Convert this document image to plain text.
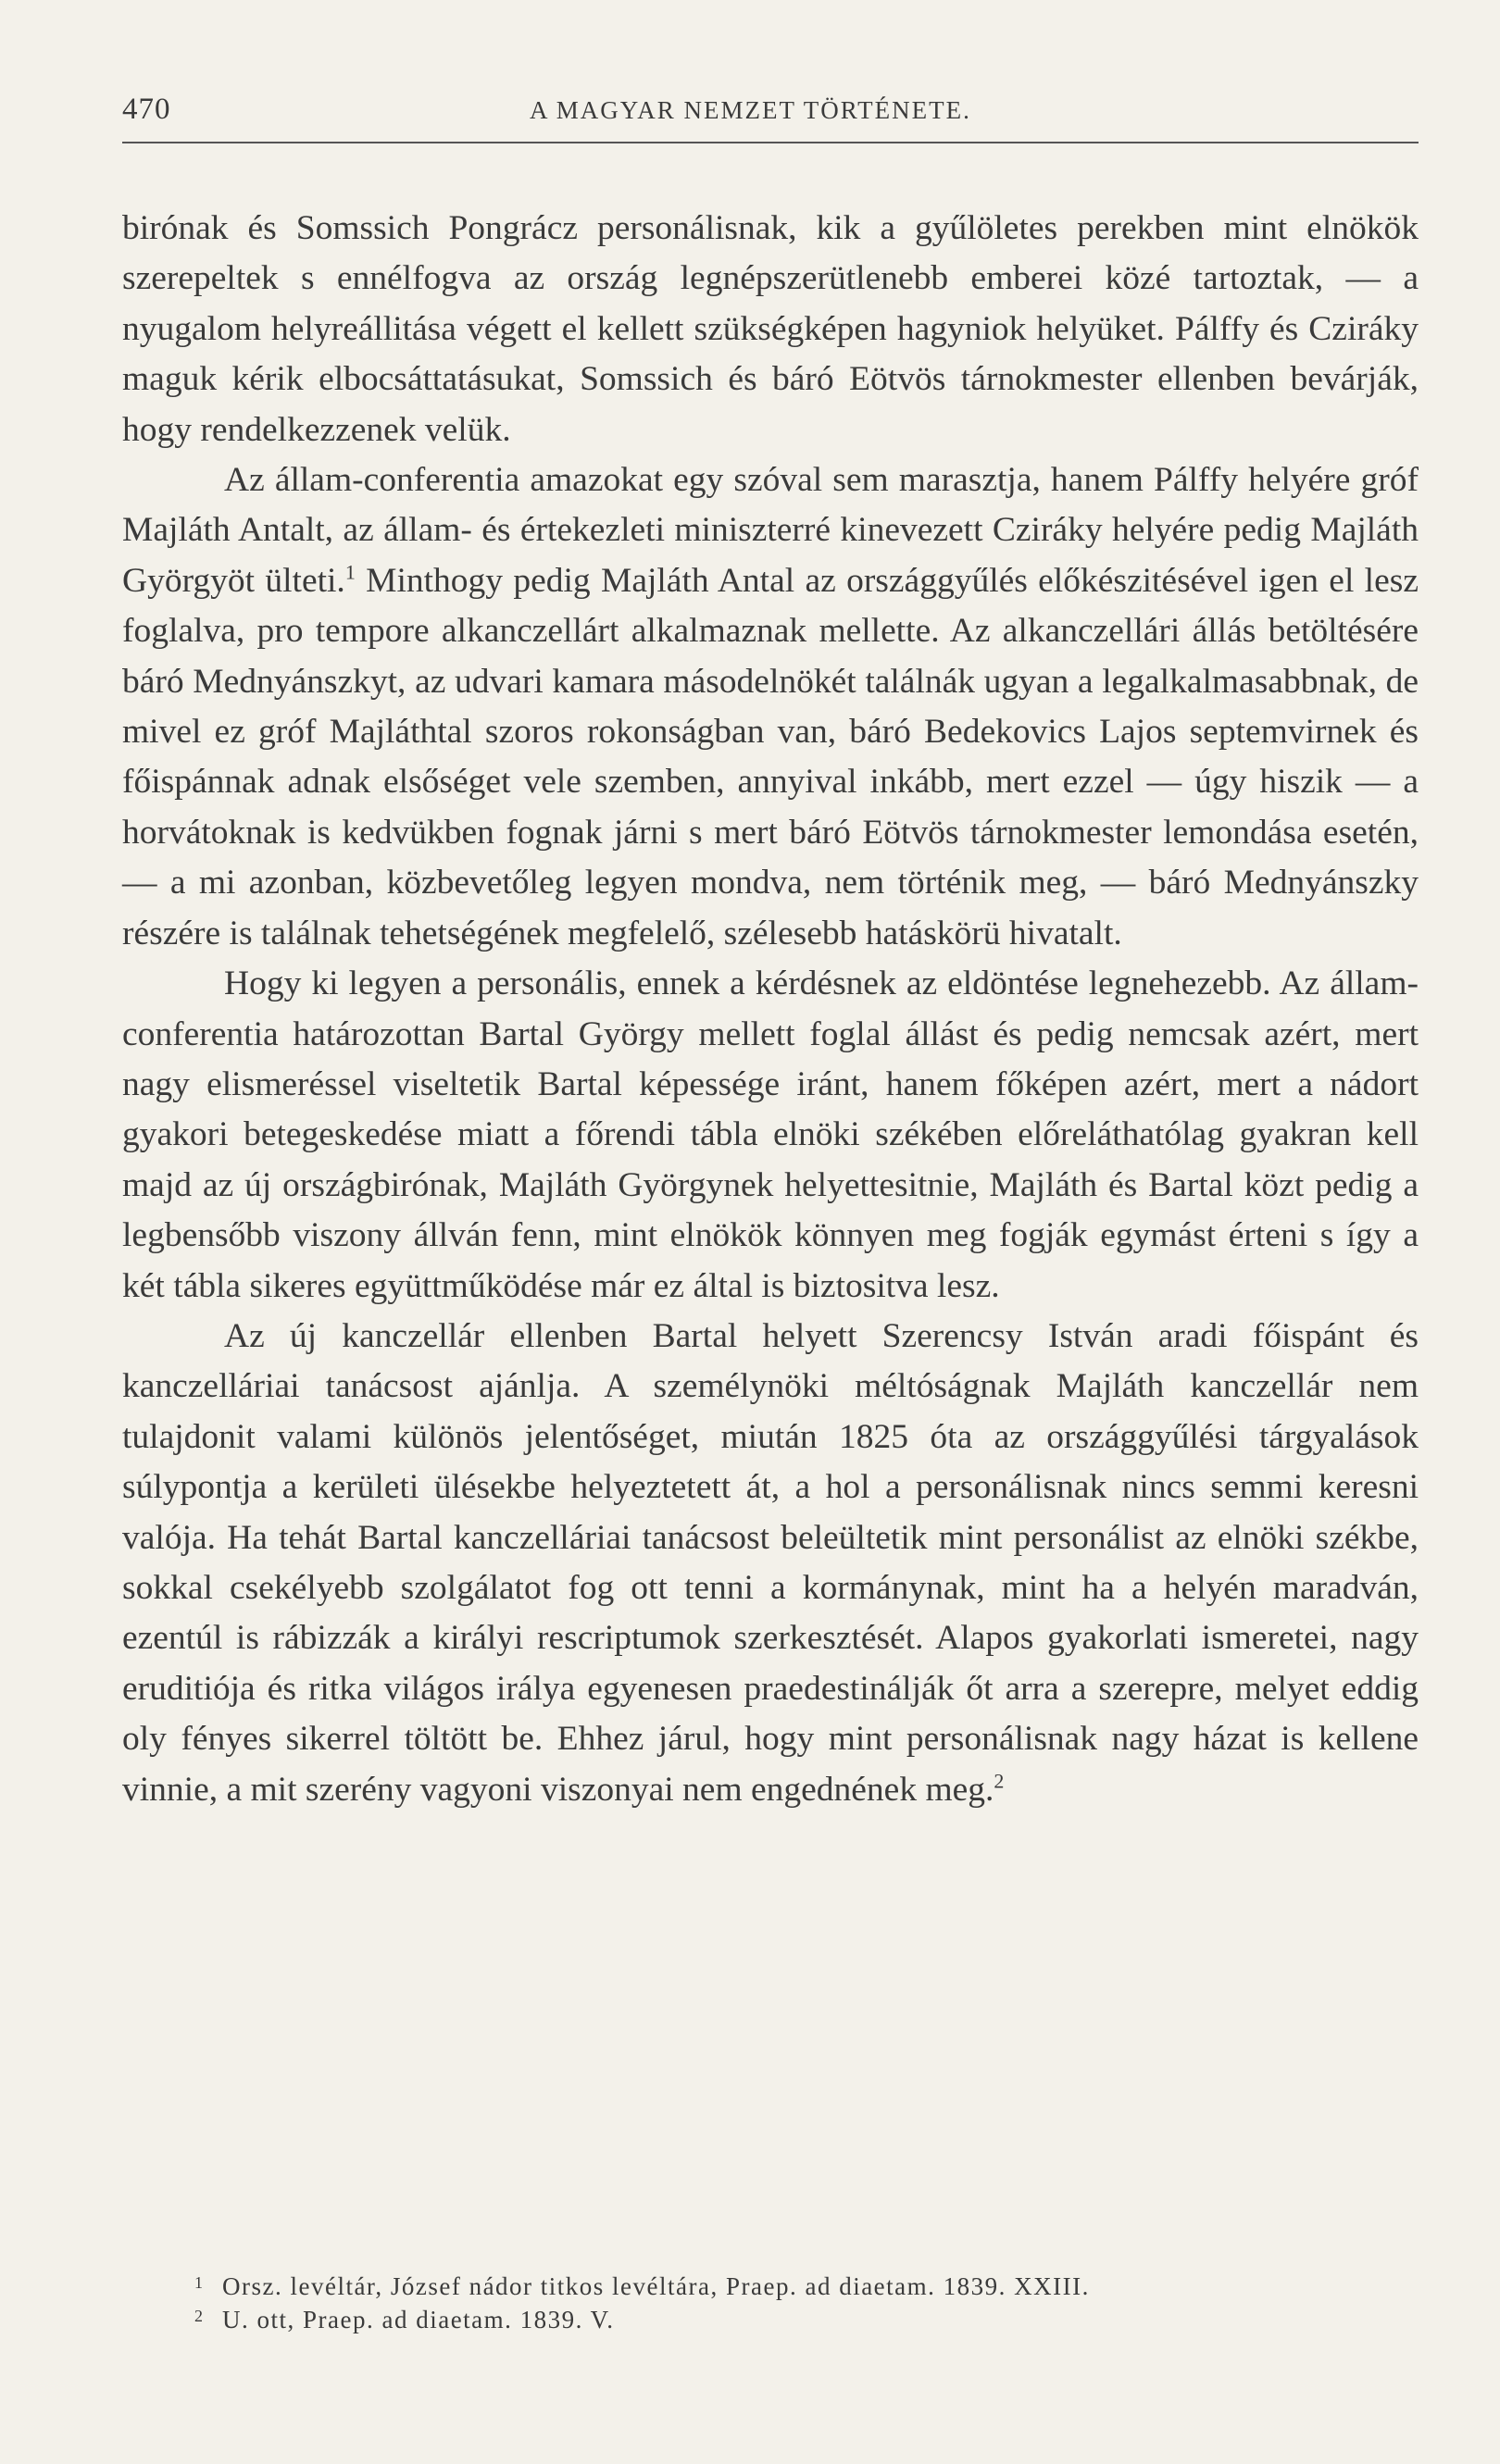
470	A MAGYAR NEMZET TÖRTÉNETE.

birónak és Somssich Pongrácz personálisnak, kik a gyűlöletes perekben mint elnökök szerepeltek s ennélfogva az ország legnépszerütlenebb emberei közé tartoztak, — a nyugalom helyreállitása végett el kellett szükségképen hagyniok helyüket. Pálffy és Cziráky maguk kérik elbocsáttatásukat, Somssich és báró Eötvös tárnokmester ellenben bevárják, hogy rendelkezzenek velük.

Az állam-conferentia amazokat egy szóval sem marasztja, hanem Pálffy helyére gróf Majláth Antalt, az állam- és értekezleti miniszterré kinevezett Cziráky helyére pedig Majláth Györgyöt ülteti.$^1$ Minthogy pedig Majláth Antal az országgyűlés előkészitésével igen el lesz foglalva, pro tempore alkanczellárt alkalmaznak mellette. Az alkanczellári állás betöltésére báró Mednyánszkyt, az udvari kamara másodelnökét találnák ugyan a legalkalmasabbnak, de mivel ez gróf Majláthtal szoros rokonságban van, báró Bedekovics Lajos septemvirnek és főispánnak adnak elsőséget vele szemben, annyival inkább, mert ezzel — úgy hiszik — a horvátoknak is kedvükben fognak járni s mert báró Eötvös tárnokmester lemondása esetén, — a mi azonban, közbevetőleg legyen mondva, nem történik meg, — báró Mednyánszky részére is találnak tehetségének megfelelő, szélesebb hatáskörü hivatalt.

Hogy ki legyen a personális, ennek a kérdésnek az eldöntése legnehezebb. Az állam-conferentia határozottan Bartal György mellett foglal állást és pedig nemcsak azért, mert nagy elismeréssel viseltetik Bartal képessége iránt, hanem főképen azért, mert a nádort gyakori betegeskedése miatt a főrendi tábla elnöki székében előreláthatólag gyakran kell majd az új országbirónak, Majláth Györgynek helyettesitnie, Majláth és Bartal közt pedig a legbensőbb viszony állván fenn, mint elnökök könnyen meg fogják egymást érteni s így a két tábla sikeres együttműködése már ez által is biztositva lesz.

Az új kanczellár ellenben Bartal helyett Szerencsy István aradi főispánt és kanczelláriai tanácsost ajánlja. A személynöki méltóságnak Majláth kanczellár nem tulajdonit valami különös jelentőséget, miután 1825 óta az országgyűlési tárgyalások súlypontja a kerületi ülésekbe helyeztetett át, a hol a personálisnak nincs semmi keresni valója. Ha tehát Bartal kanczelláriai tanácsost beleültetik mint personálist az elnöki székbe, sokkal csekélyebb szolgálatot fog ott tenni a kormánynak, mint ha a helyén maradván, ezentúl is rábizzák a királyi rescriptumok szerkesztését. Alapos gyakorlati ismeretei, nagy eruditiója és ritka világos irálya egyenesen praedestinálják őt arra a szerepre, melyet eddig oly fényes sikerrel töltött be. Ehhez járul, hogy mint personálisnak nagy házat is kellene vinnie, a mit szerény vagyoni viszonyai nem engednének meg.$^2$

1 Orsz. levéltár, József nádor titkos levéltára, Praep. ad diaetam. 1839. XXIII.
2 U. ott, Praep. ad diaetam. 1839. V.
